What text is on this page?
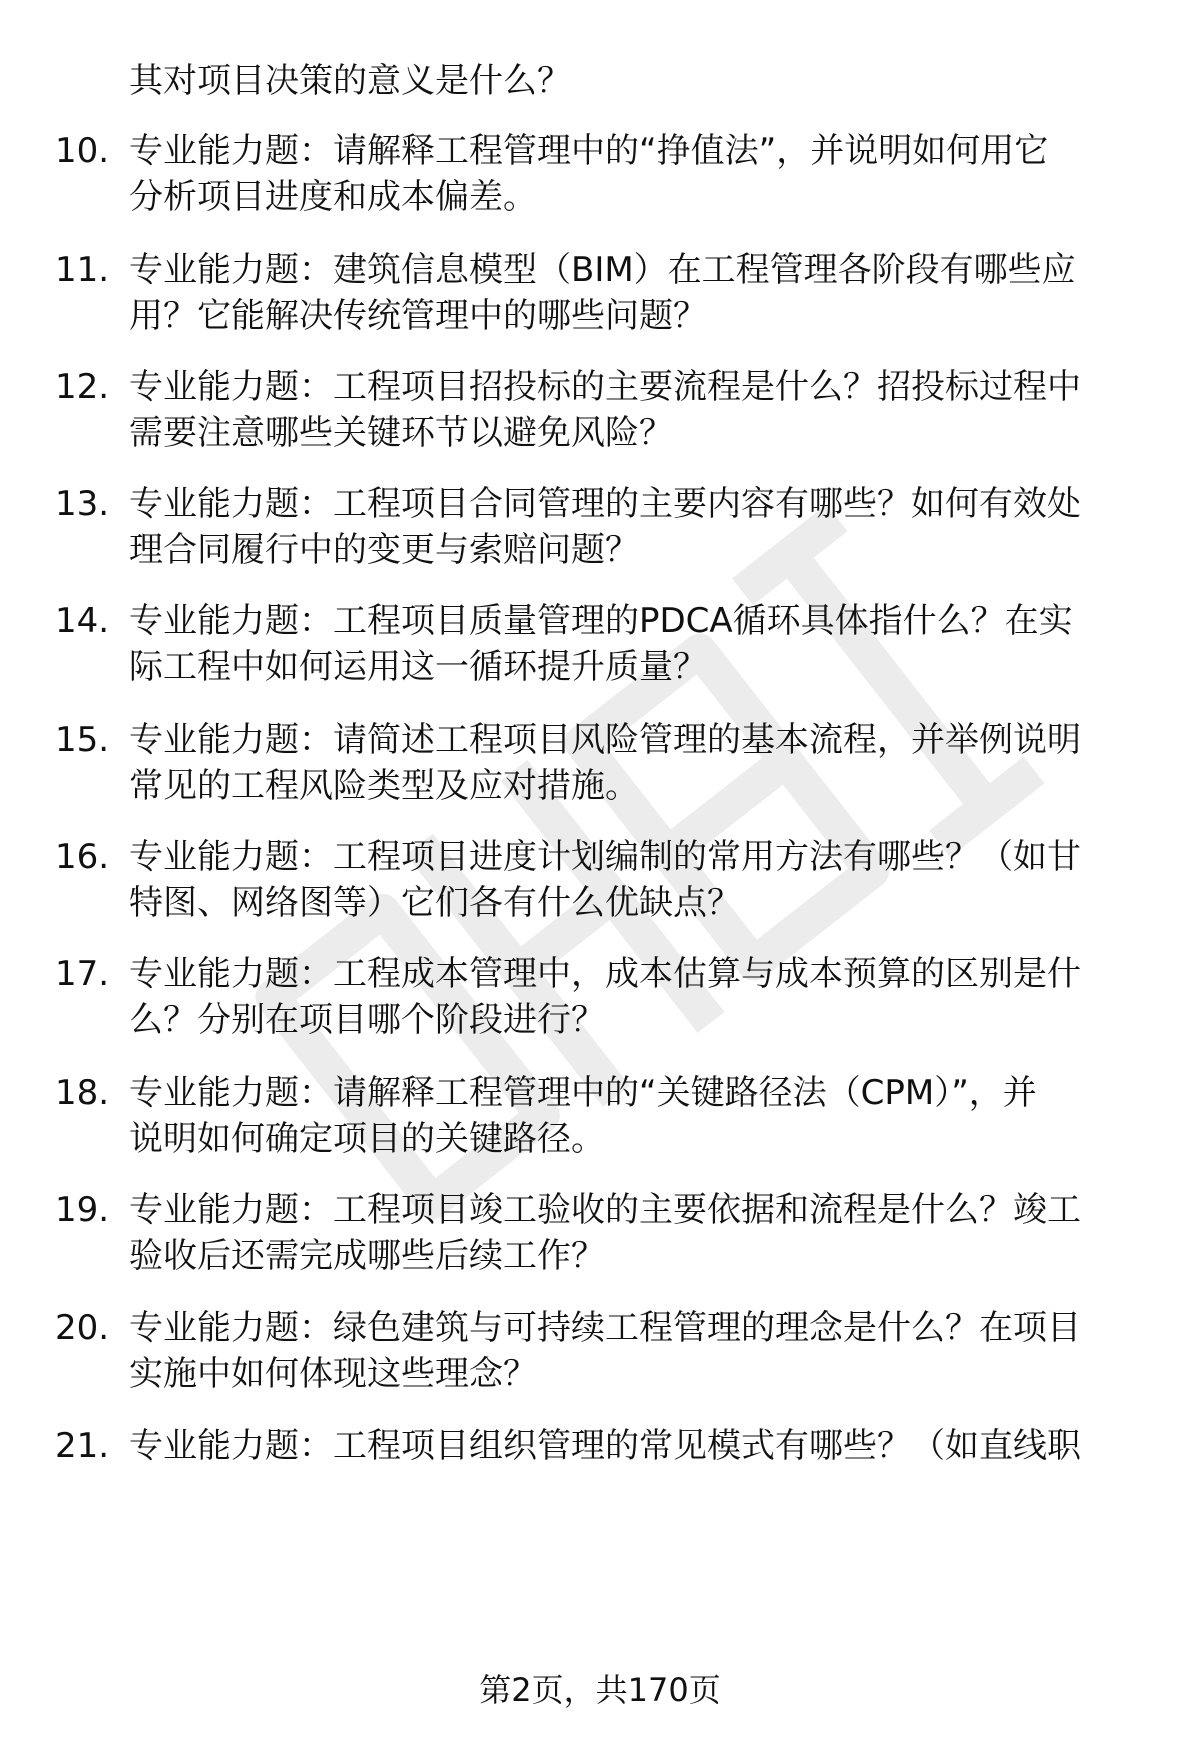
其对项目决策的意义是什么？
10. 专业能力题：请解释工程管理中的“挣值法”，并说明如何用它
分析项目进度和成本偏差。
11. 专业能力题：建筑信息模型（BIM）在工程管理各阶段有哪些应
用？它能解决传统管理中的哪些问题？
12. 专业能力题：工程项目招投标的主要流程是什么？招投标过程中
需要注意哪些关键环节以避免风险？
13. 专业能力题：工程项目合同管理的主要内容有哪些？如何有效处
理合同履行中的变更与索赔问题？
14. 专业能力题：工程项目质量管理的PDCA循环具体指什么？在实
际工程中如何运用这一循环提升质量？
15. 专业能力题：请简述工程项目风险管理的基本流程，并举例说明
常见的工程风险类型及应对措施。
16. 专业能力题：工程项目进度计划编制的常用方法有哪些？（如甘
特图、网络图等）它们各有什么优缺点？
17. 专业能力题：工程成本管理中，成本估算与成本预算的区别是什
么？分别在项目哪个阶段进行？
18. 专业能力题：请解释工程管理中的“关键路径法（CPM）”，并
说明如何确定项目的关键路径。
19. 专业能力题：工程项目竣工验收的主要依据和流程是什么？竣工
验收后还需完成哪些后续工作？
20. 专业能力题：绿色建筑与可持续工程管理的理念是什么？在项目
实施中如何体现这些理念？
21. 专业能力题：工程项目组织管理的常见模式有哪些？（如直线职
第2页，共170页
